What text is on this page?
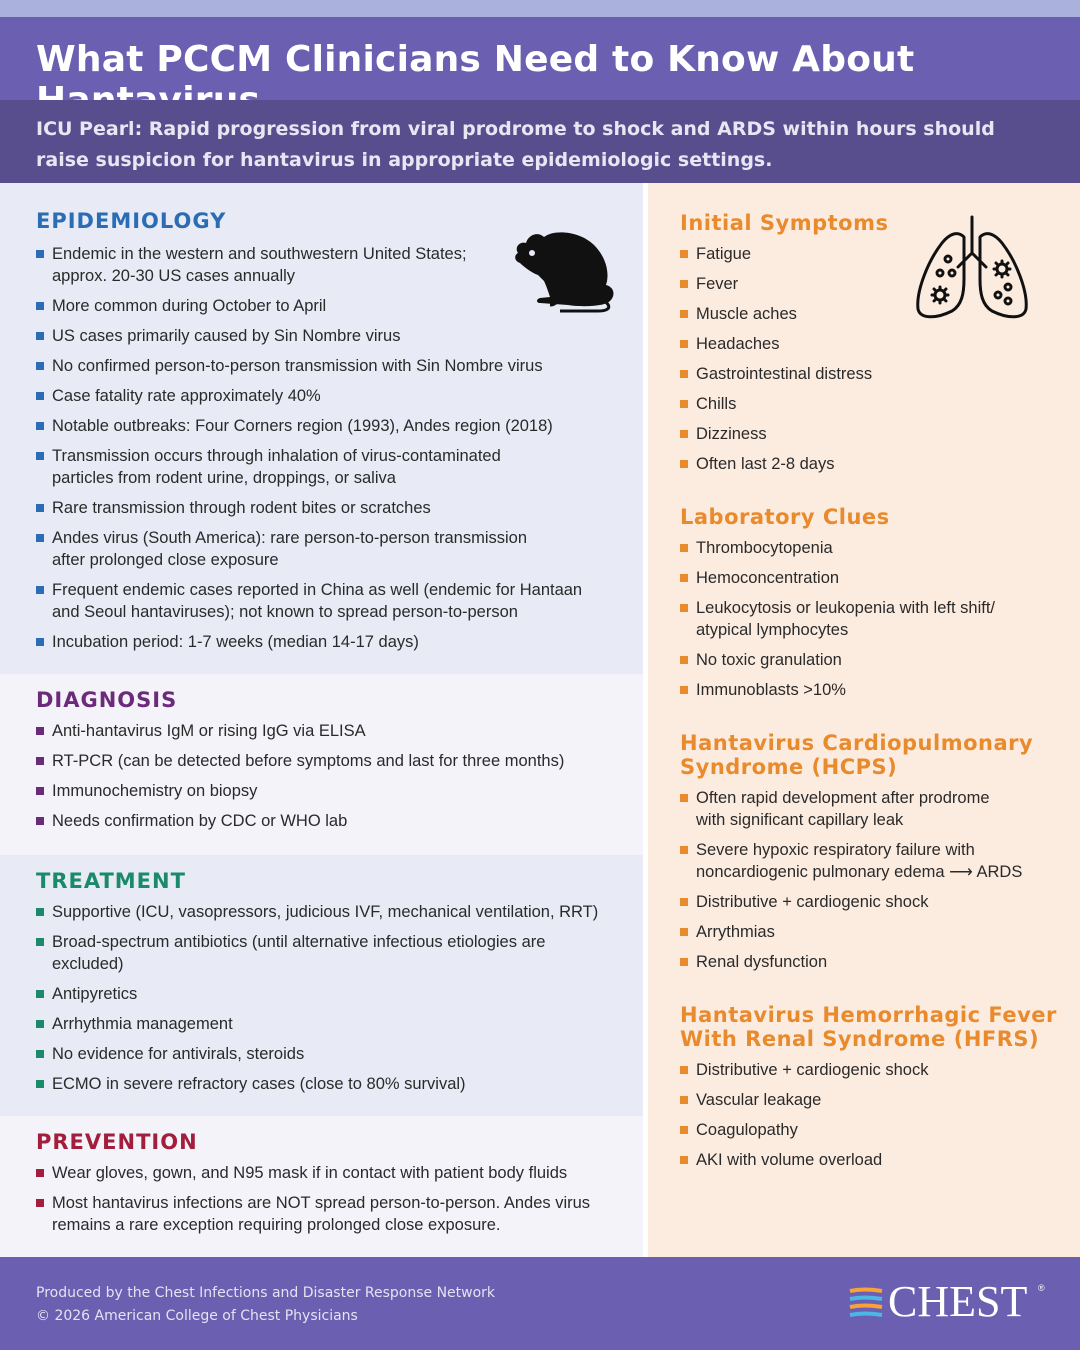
What PCCM Clinicians Need to Know About

ICU Pearl: Rapid progression from viral prodrome to shock and ARDS within hours should raise suspicion for hantavirus in appropriate epidemiologic settings.

EPIDEMIOLOGY
Endemic in the western and southwestern United States;
approx. 20-30 US cases annually
More common during October to April
US cases primarily caused by Sin Nombre virus
No confirmed person-to-person transmission with Sin Nombre virus
Case fatality rate approximately 40%
Notable outbreaks: Four Corners region (1993), Andes region (2018)
Transmission occurs through inhalation of virus-contaminated
particles from rodent urine, droppings, or saliva
Rare transmission through rodent bites or scratches
Andes virus (South America): rare person-to-person transmission
after prolonged close exposure
Frequent endemic cases reported in China as well (endemic for Hantaan
and Seoul hantaviruses); not known to spread person-to-person
Incubation period: 1-7 weeks (median 14-17 days)
DIAGNOSIS
Anti-hantavirus IgM or rising IgG via ELISA
RT-PCR (can be detected before symptoms and last for three months)
Immunochemistry on biopsy
Needs confirmation by CDC or WHO lab
TREATMENT
Supportive (ICU, vasopressors, judicious IVF, mechanical ventilation, RRT)
Broad-spectrum antibiotics (until alternative infectious etiologies are
excluded)
Antipyretics
Arrhythmia management
No evidence for antivirals, steroids
ECMO in severe refractory cases (close to 80% survival)
PREVENTION
Wear gloves, gown, and N95 mask if in contact with patient body fluids
Most hantavirus infections are NOT spread person-to-person. Andes virus
remains a rare exception requiring prolonged close exposure.
Initial Symptoms
Fatigue
Fever
Muscle aches
Headaches
Gastrointestinal distress
Chills
Dizziness
Often last 2-8 days
Laboratory Clues
Thrombocytopenia
Hemoconcentration
Leukocytosis or leukopenia with left shift/
atypical lymphocytes
No toxic granulation
Immunoblasts >10%
Hantavirus Cardiopulmonary
Syndrome (HCPS)
Often rapid development after prodrome
with significant capillary leak
Severe hypoxic respiratory failure with
noncardiogenic pulmonary edema ⟶ ARDS
Distributive + cardiogenic shock
Arrythmias
Renal dysfunction
Hantavirus Hemorrhagic Fever
With Renal Syndrome (HFRS)
Distributive + cardiogenic shock
Vascular leakage
Coagulopathy
AKI with volume overload
Produced by the Chest Infections and Disaster Response Network
© 2026 American College of Chest Physicians	CHEST ®
